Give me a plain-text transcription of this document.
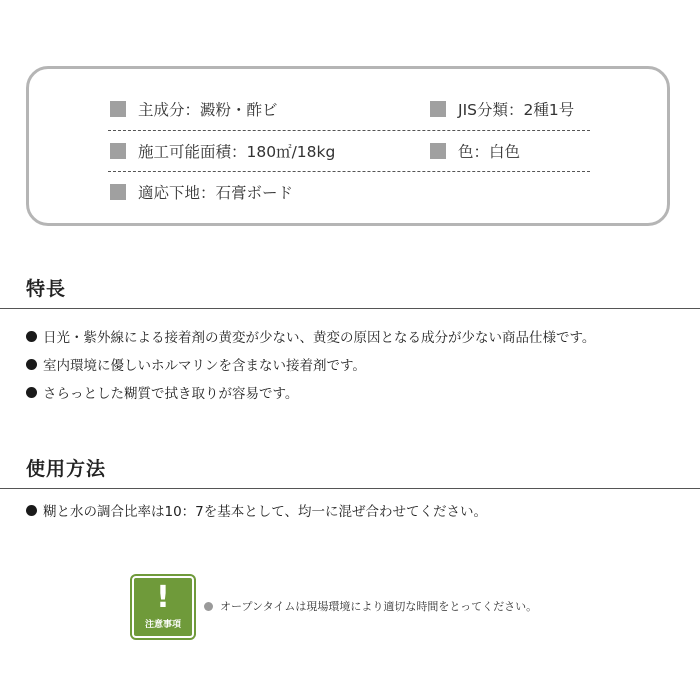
主成分：澱粉・酢ビ	JIS分類：2種1号
施工可能面積：180㎡/18kg	色：白色
適応下地：石膏ボード
特長
日光・紫外線による接着剤の黄変が少ない、黄変の原因となる成分が少ない商品仕様です。
室内環境に優しいホルマリンを含まない接着剤です。
さらっとした糊質で拭き取りが容易です。
使用方法
糊と水の調合比率は10：7を基本として、均一に混ぜ合わせてください。
!
注意事項
オープンタイムは現場環境により適切な時間をとってください。
